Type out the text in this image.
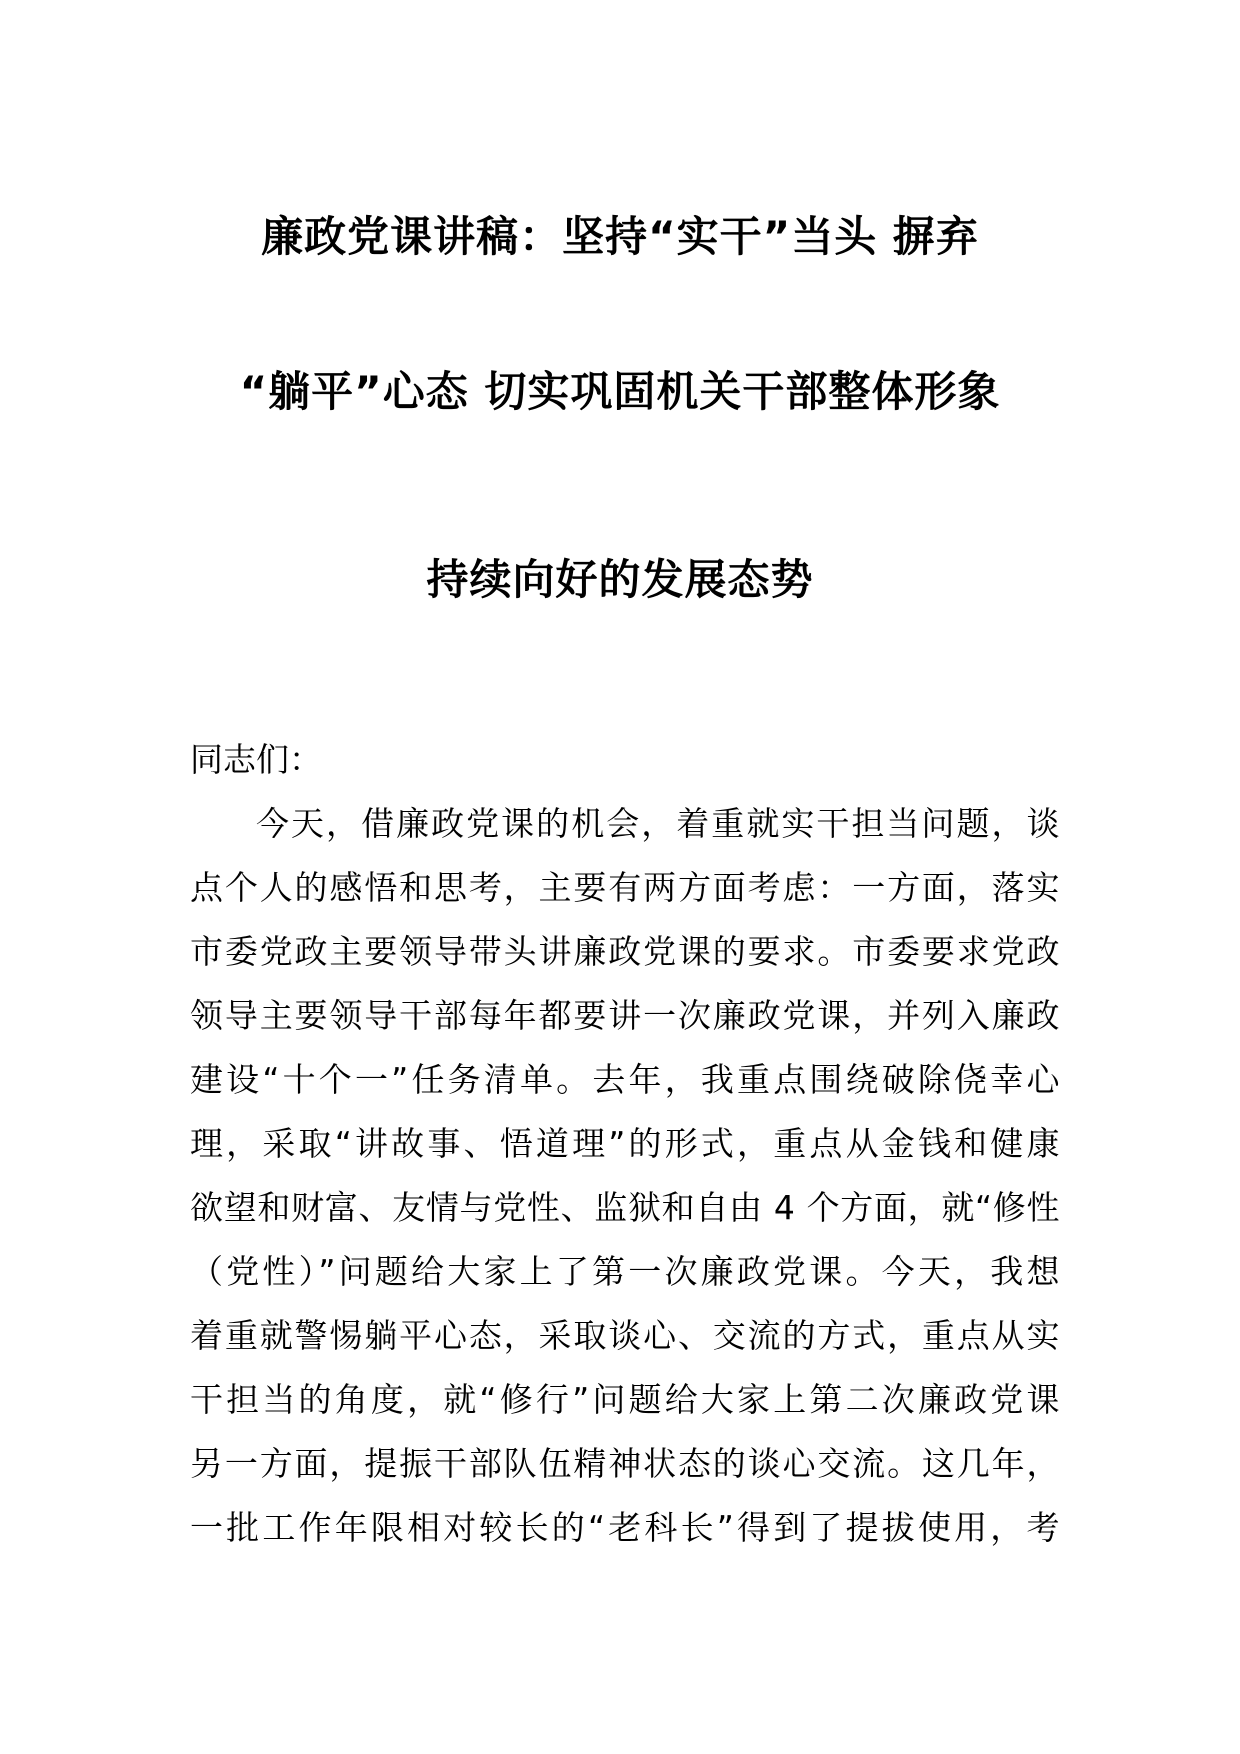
廉政党课讲稿：坚持“实干”当头 摒弃
“躺平”心态 切实巩固机关干部整体形象
持续向好的发展态势
同志们：
今天，借廉政党课的机会，着重就实干担当问题，谈
点个人的感悟和思考，主要有两方面考虑：一方面，落实
市委党政主要领导带头讲廉政党课的要求。市委要求党政
领导主要领导干部每年都要讲一次廉政党课，并列入廉政
建设“十个一”任务清单。去年，我重点围绕破除侥幸心
理，采取“讲故事、悟道理”的形式，重点从金钱和健康
欲望和财富、友情与党性、监狱和自由 4 个方面，就“修性
（党性）”问题给大家上了第一次廉政党课。今天，我想
着重就警惕躺平心态，采取谈心、交流的方式，重点从实
干担当的角度，就“修行”问题给大家上第二次廉政党课
另一方面，提振干部队伍精神状态的谈心交流。这几年，
一批工作年限相对较长的“老科长”得到了提拔使用，考
